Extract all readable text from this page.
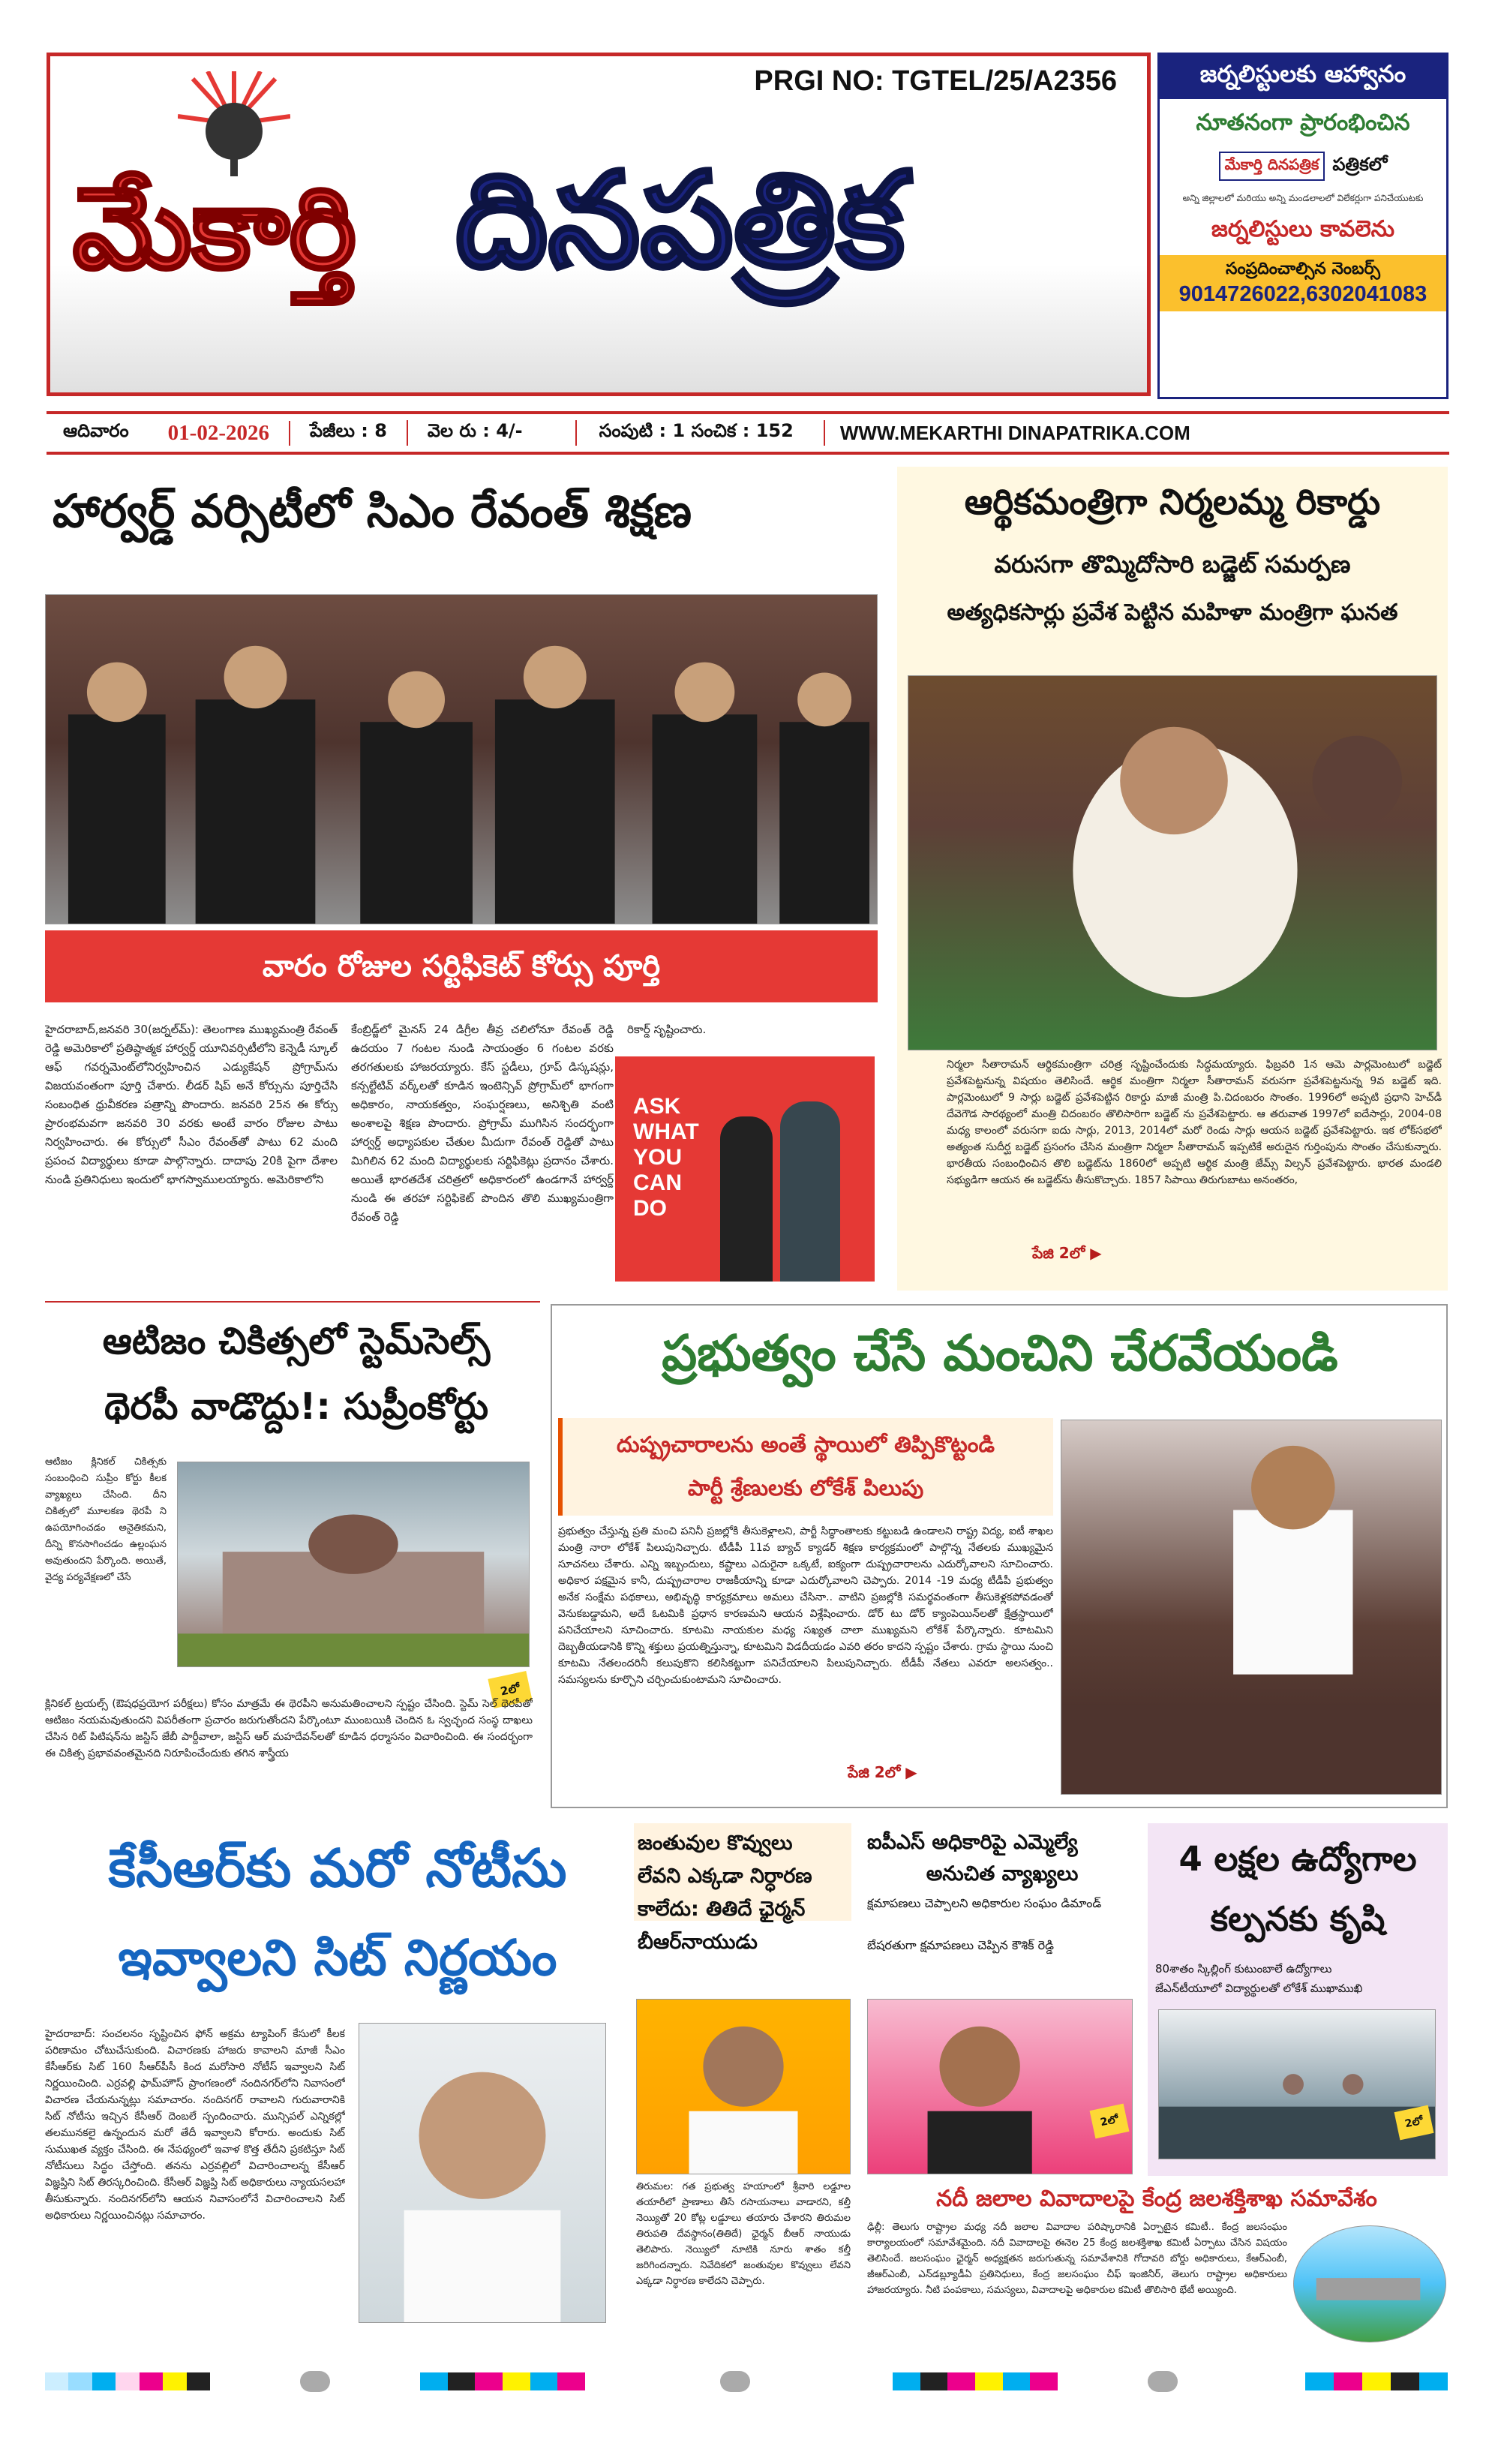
PRGI NO: TGTEL/25/A2356
మేకార్తి దినపత్రిక
జర్నలిస్టులకు ఆహ్వానం
నూతనంగా ప్రారంభించిన
మేకార్తి దినపత్రిక పత్రికలో
అన్ని జిల్లాలలో మరియు అన్ని మండలాలలో విలేకర్లుగా పనిచేయుటకు
జర్నలిస్టులు కావలెను
సంప్రదించాల్సిన నెంబర్స్
9014726022,6302041083
ఆదివారం	01-02-2026	పేజీలు : 8	వెల రు : 4/-	సంపుటి : 1 సంచిక : 152	WWW.MEKARTHI DINAPATRIKA.COM
హార్వర్డ్ వర్సిటీలో సిఎం రేవంత్ శిక్షణ
వారం రోజుల సర్టిఫికెట్ కోర్సు పూర్తి
హైదరాబాద్,జనవరి 30(జర్నల్‌మ్): తెలంగాణ ముఖ్యమంత్రి రేవంత్ రెడ్డి అమెరికాలో ప్రతిష్ఠాత్మక హార్వర్డ్ యూనివర్సిటీలోని కెన్నెడీ స్కూల్ ఆఫ్ గవర్నమెంట్‌లోనిర్వహించిన ఎడ్యుకేషన్ ప్రోగ్రామ్‌ను విజయవంతంగా పూర్తి చేశారు. లీడర్ షిప్ అనే కోర్సును పూర్తిచేసి సంబంధిత ధ్రువీకరణ పత్రాన్ని పొందారు. జనవరి 25న ఈ కోర్సు ప్రారంభమవగా జనవరి 30 వరకు అంటే వారం రోజుల పాటు నిర్వహించారు. ఈ కోర్సులో సీఎం రేవంత్‌తో పాటు 62 మంది ప్రపంచ విద్యార్థులు కూడా పాల్గొన్నారు. దాదాపు 20కి పైగా దేశాల నుండి ప్రతినిధులు ఇందులో భాగస్వాములయ్యారు. అమెరికాలోని
కేంబ్రిడ్జ్‌లో మైనస్ 24 డిగ్రీల తీవ్ర చలిలోనూ రేవంత్ రెడ్డి ఉదయం 7 గంటల నుండి సాయంత్రం 6 గంటల వరకు తరగతులకు హాజరయ్యారు. కేస్ స్టడీలు, గ్రూప్ డిస్కషన్లు, కన్సల్టేటివ్ వర్క్‌లతో కూడిన ఇంటెన్సివ్ ప్రోగ్రామ్‌లో భాగంగా అధికారం, నాయకత్వం, సంఘర్షణలు, అనిశ్చితి వంటి అంశాలపై శిక్షణ పొందారు. ప్రోగ్రామ్ ముగిసిన సందర్భంగా హార్వర్డ్ అధ్యాపకుల చేతుల మీదుగా రేవంత్ రెడ్డితో పాటు మిగిలిన 62 మంది విద్యార్థులకు సర్టిఫికెట్లు ప్రదానం చేశారు. అయితే భారతదేశ చరిత్రలో అధికారంలో ఉండగానే హార్వర్డ్ నుండి ఈ తరహా సర్టిఫికెట్ పొందిన తొలి ముఖ్యమంత్రిగా రేవంత్ రెడ్డి
రికార్డ్ సృష్టించారు.
ASK WHAT YOU CAN DO
ఆర్థికమంత్రిగా నిర్మలమ్మ రికార్డు
వరుసగా తొమ్మిదోసారి బడ్జెట్ సమర్పణ
అత్యధికసార్లు ప్రవేశ పెట్టిన మహిళా మంత్రిగా ఘనత
నిర్మలా సీతారామన్ ఆర్థికమంత్రిగా చరిత్ర సృష్టించేందుకు సిద్ధమయ్యారు. ఫిబ్రవరి 1న ఆమె పార్లమెంటులో బడ్జెట్ ప్రవేశపెట్టనున్న విషయం తెలిసిందే. ఆర్థిక మంత్రిగా నిర్మలా సీతారామన్ వరుసగా ప్రవేశపెట్టనున్న 9వ బడ్జెట్ ఇది. పార్లమెంటులో 9 సార్లు బడ్జెట్ ప్రవేశపెట్టిన రికార్డు మాజీ మంత్రి పి.చిదంబరం సొంతం. 1996లో అప్పటి ప్రధాని హెచ్‌డీ దేవెగౌడ సారథ్యంలో మంత్రి చిదంబరం తొలిసారిగా బడ్జెట్ ను ప్రవేశపెట్టారు. ఆ తరువాత 1997లో ఐదేసార్లు, 2004-08 మధ్య కాలంలో వరుసగా ఐదు సార్లు, 2013, 2014లో మరో రెండు సార్లు ఆయన బడ్జెట్ ప్రవేశపెట్టారు. ఇక లోక్‌సభలో అత్యంత సుదీర్ఘ బడ్జెట్ ప్రసంగం చేసిన మంత్రిగా నిర్మలా సీతారామన్ ఇప్పటికే అరుదైన గుర్తింపును సొంతం చేసుకున్నారు. భారతీయ సంబంధించిన తొలి బడ్జెట్‌ను 1860లో అప్పటి ఆర్థిక మంత్రి జేమ్స్ విల్సన్ ప్రవేశపెట్టారు. భారత మండలి సభ్యుడిగా ఆయన ఈ బడ్జెట్‌ను తీసుకొచ్చారు. 1857 సిపాయి తిరుగుబాటు అనంతరం,
పేజి 2లో ▶
ఆటిజం చికిత్సలో స్టెమ్‌సెల్స్
థెరపీ వాడొద్దు!: సుప్రీంకోర్టు
ఆటిజం క్లినికల్ చికిత్సకు సంబంధించి సుప్రీం కోర్టు కీలక వ్యాఖ్యలు చేసింది. దీని చికిత్సలో మూలకణ థెరపీ ని ఉపయోగించడం అనైతికమని, దీన్ని కొనసాగించడం ఉల్లంఘన అవుతుందని పేర్కొంది. అయితే, వైద్య పర్యవేక్షణలో చేసే
2లో
క్లినికల్ ట్రయల్స్ (ఔషధప్రయోగ పరీక్షలు) కోసం మాత్రమే ఈ థెరపీని అనుమతించాలని స్పష్టం చేసింది. స్టెమ్ సెల్ థెరపీతో ఆటిజం నయమవుతుందని విపరీతంగా ప్రచారం జరుగుతోందని పేర్కొంటూ ముంబయికి చెందిన ఓ స్వచ్ఛంద సంస్థ దాఖలు చేసిన రిట్ పిటిషన్‌ను జస్టిస్ జేబీ పార్దీవాలా, జస్టిస్ ఆర్ మహదేవన్‌లతో కూడిన ధర్మాసనం విచారించింది. ఈ సందర్భంగా ఈ చికిత్స ప్రభావవంతమైనది నిరూపించేందుకు తగిన శాస్త్రీయ
ప్రభుత్వం చేసే మంచిని చేరవేయండి
దుష్ప్రచారాలను అంతే స్థాయిలో తిప్పికొట్టండి
పార్టీ శ్రేణులకు లోకేశ్ పిలుపు
ప్రభుత్వం చేస్తున్న ప్రతి మంచి పనినీ ప్రజల్లోకి తీసుకెళ్లాలని, పార్టీ సిద్ధాంతాలకు కట్టుబడి ఉండాలని రాష్ట్ర విద్య, ఐటీ శాఖల మంత్రి నారా లోకేశ్ పిలుపునిచ్చారు. టీడీపీ 11వ బ్యాచ్ క్యాడర్ శిక్షణ కార్యక్రమంలో పాల్గొన్న నేతలకు ముఖ్యమైన సూచనలు చేశారు. ఎన్ని ఇబ్బందులు, కష్టాలు ఎదురైనా ఒక్కటే, ఐక్యంగా దుష్ప్రచారాలను ఎదుర్కోవాలని సూచించారు. అధికార పక్షమైన కానీ, దుష్ప్రచారాల రాజకీయాన్ని కూడా ఎదుర్కోవాలని చెప్పారు. 2014 -19 మధ్య టీడీపీ ప్రభుత్వం అనేక సంక్షేమ పథకాలు, అభివృద్ధి కార్యక్రమాలు అమలు చేసినా.. వాటిని ప్రజల్లోకి సమర్థవంతంగా తీసుకెళ్లకపోవడంతో వెనుకబడ్డామని, అదే ఓటమికి ప్రధాన కారణమని ఆయన విశ్లేషించారు. డోర్ టు డోర్ క్యాంపెయిన్‌లతో క్షేత్రస్థాయిలో పనిచేయాలని సూచించారు. కూటమి నాయకుల మధ్య సఖ్యత చాలా ముఖ్యమని లోకేశ్ పేర్కొన్నారు. కూటమిని దెబ్బతీయడానికి కొన్ని శక్తులు ప్రయత్నిస్తున్నా, కూటమిని విడదీయడం ఎవరి తరం కాదని స్పష్టం చేశారు. గ్రామ స్థాయి నుంచి కూటమి నేతలందరినీ కలుపుకొని కలిసికట్టుగా పనిచేయాలని పిలుపునిచ్చారు. టీడీపీ నేతలు ఎవరూ అలసత్వం.. సమస్యలను కూర్చొని చర్చించుకుంటామని సూచించారు.
పేజి 2లో ▶
కేసీఆర్‌కు మరో నోటీసు
ఇవ్వాలని సిట్ నిర్ణయం
హైదరాబాద్: సంచలనం సృష్టించిన ఫోన్ అక్రమ ట్యాపింగ్ కేసులో కీలక పరిణామం చోటుచేసుకుంది. విచారణకు హాజరు కావాలని మాజీ సీఎం కేసీఆర్‌కు సిట్ 160 సీఆర్‌పీసీ కింద మరోసారి నోటీస్ ఇవ్వాలని సిట్ నిర్ణయించింది. ఎర్రవల్లి ఫామ్‌హౌస్ ప్రాంగణంలో నందినగర్‌లోని నివాసంలో విచారణ చేయనున్నట్లు సమాచారం. నందినగర్ రావాలని గురువారానికి సిట్ నోటీసు ఇచ్చిన కేసీఆర్ దెంబలే స్పందించారు. మున్సిపల్ ఎన్నికల్లో తలమునకలై ఉన్నందున మరో తేదీ ఇవ్వాలని కోరారు. అందుకు సిట్ సుముఖత వ్యక్తం చేసింది. ఈ నేపథ్యంలో ఇవాళ కొత్త తేదీని ప్రకటిస్తూ సిట్ నోటీసులు సిద్ధం చేస్తోంది. తనను ఎర్రవల్లిలో విచారించాలన్న కేసీఆర్ విజ్ఞప్తిని సిట్ తిరస్కరించింది. కేసీఆర్ విజ్ఞప్తి సిట్ అధికారులు న్యాయసలహా తీసుకున్నారు. నందినగర్‌లోని ఆయన నివాసంలోనే విచారించాలని సిట్ అధికారులు నిర్ణయించినట్లు సమాచారం.
జంతువుల కొవ్వులు
లేవని ఎక్కడా నిర్ధారణ
కాలేదు: తితిదే ఛైర్మన్
బీఆర్‌నాయుడు
తిరుమల: గత ప్రభుత్వ హయాంలో శ్రీవారి లడ్డూల తయారీలో ప్రాణాలు తీసే రసాయనాలు వాడారని, కల్తీ నెయ్యితో 20 కోట్ల లడ్డూలు తయారు చేశారని తిరుమల తిరుపతి దేవస్థానం(తితిదే) ఛైర్మన్ బీఆర్ నాయుడు తెలిపారు. నెయ్యిలో నూటికి నూరు శాతం కల్తీ జరిగిందన్నారు. నివేదికలో జంతువుల కొవ్వులు లేవని ఎక్కడా నిర్ధారణ కాలేదని చెప్పారు.
ఐపీఎస్ అధికారిపై ఎమ్మెల్యే
అనుచిత వ్యాఖ్యలు
క్షమాపణలు చెప్పాలని అధికారుల సంఘం డిమాండ్
బేషరతుగా క్షమాపణలు చెప్పిన కౌశిక్ రెడ్డి
2లో
4 లక్షల ఉద్యోగాల
కల్పనకు కృషి
80శాతం స్కిల్లింగ్ కుటుంబాలే ఉద్యోగాలు
జేఎన్‌టీయూలో విద్యార్థులతో లోకేశ్ ముఖాముఖి
2లో
నదీ జలాల వివాదాలపై కేంద్ర జలశక్తిశాఖ సమావేశం
ఢిల్లీ: తెలుగు రాష్ట్రాల మధ్య నదీ జలాల వివాదాల పరిష్కారానికి ఏర్పాటైన కమిటీ.. కేంద్ర జలసంఘం కార్యాలయంలో సమావేశమైంది. నదీ వివాదాలపై ఈనెల 25 కేంద్ర జలశక్తిశాఖ కమిటీ ఏర్పాటు చేసిన విషయం తెలిసిందే. జలసంఘం ఛైర్మన్ అధ్యక్షతన జరుగుతున్న సమావేశానికి గోదావరి బోర్డు అధికారులు, కేఆర్ఎంబీ, జీఆర్ఎంబీ, ఎన్‌డబ్ల్యూడీఏ ప్రతినిధులు, కేంద్ర జలసంఘం చీఫ్ ఇంజినీర్, తెలుగు రాష్ట్రాల అధికారులు హాజరయ్యారు. నీటి పంపకాలు, సమస్యలు, వివాదాలపై అధికారుల కమిటీ తొలిసారి భేటీ అయ్యింది.
